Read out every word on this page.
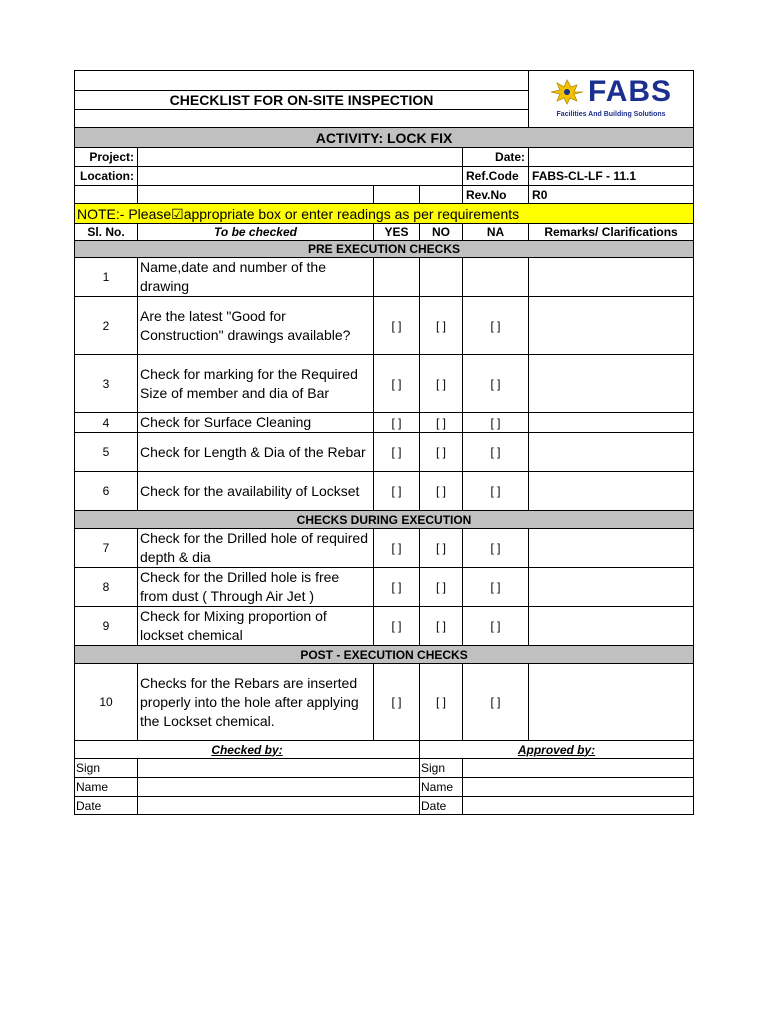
					FABS
Facilities And Building Solutions

CHECKLIST FOR ON-SITE INSPECTION					

ACTIVITY: LOCK FIX					
Project:				Date:	
Location:				Ref.Code	FABS-CL-LF - 11.1
				Rev.No	R0
NOTE:- Please☑appropriate box or enter readings as per requirements					
Sl. No.	To be checked	YES	NO	NA	Remarks/ Clarifications
PRE EXECUTION CHECKS					
1	Name,date and number of the drawing				
2	Are the latest "Good for Construction" drawings available?	[ ]	[ ]	[ ]	
3	Check for marking for the Required Size of member and dia of Bar	[ ]	[ ]	[ ]	
4	Check for Surface Cleaning	[ ]	[ ]	[ ]	
5	Check for Length & Dia of the Rebar	[ ]	[ ]	[ ]	
6	Check for the availability of Lockset	[ ]	[ ]	[ ]	
CHECKS DURING EXECUTION					
7	Check for the Drilled hole of required depth & dia	[ ]	[ ]	[ ]	
8	Check for the Drilled hole is free from dust ( Through Air Jet )	[ ]	[ ]	[ ]	
9	Check for Mixing proportion of lockset chemical	[ ]	[ ]	[ ]	
POST - EXECUTION CHECKS					
10	Checks for the Rebars are inserted properly into the hole after applying the Lockset chemical.	[ ]	[ ]	[ ]	
Checked by:			Approved by:		
Sign			Sign		
Name			Name		
Date			Date		
